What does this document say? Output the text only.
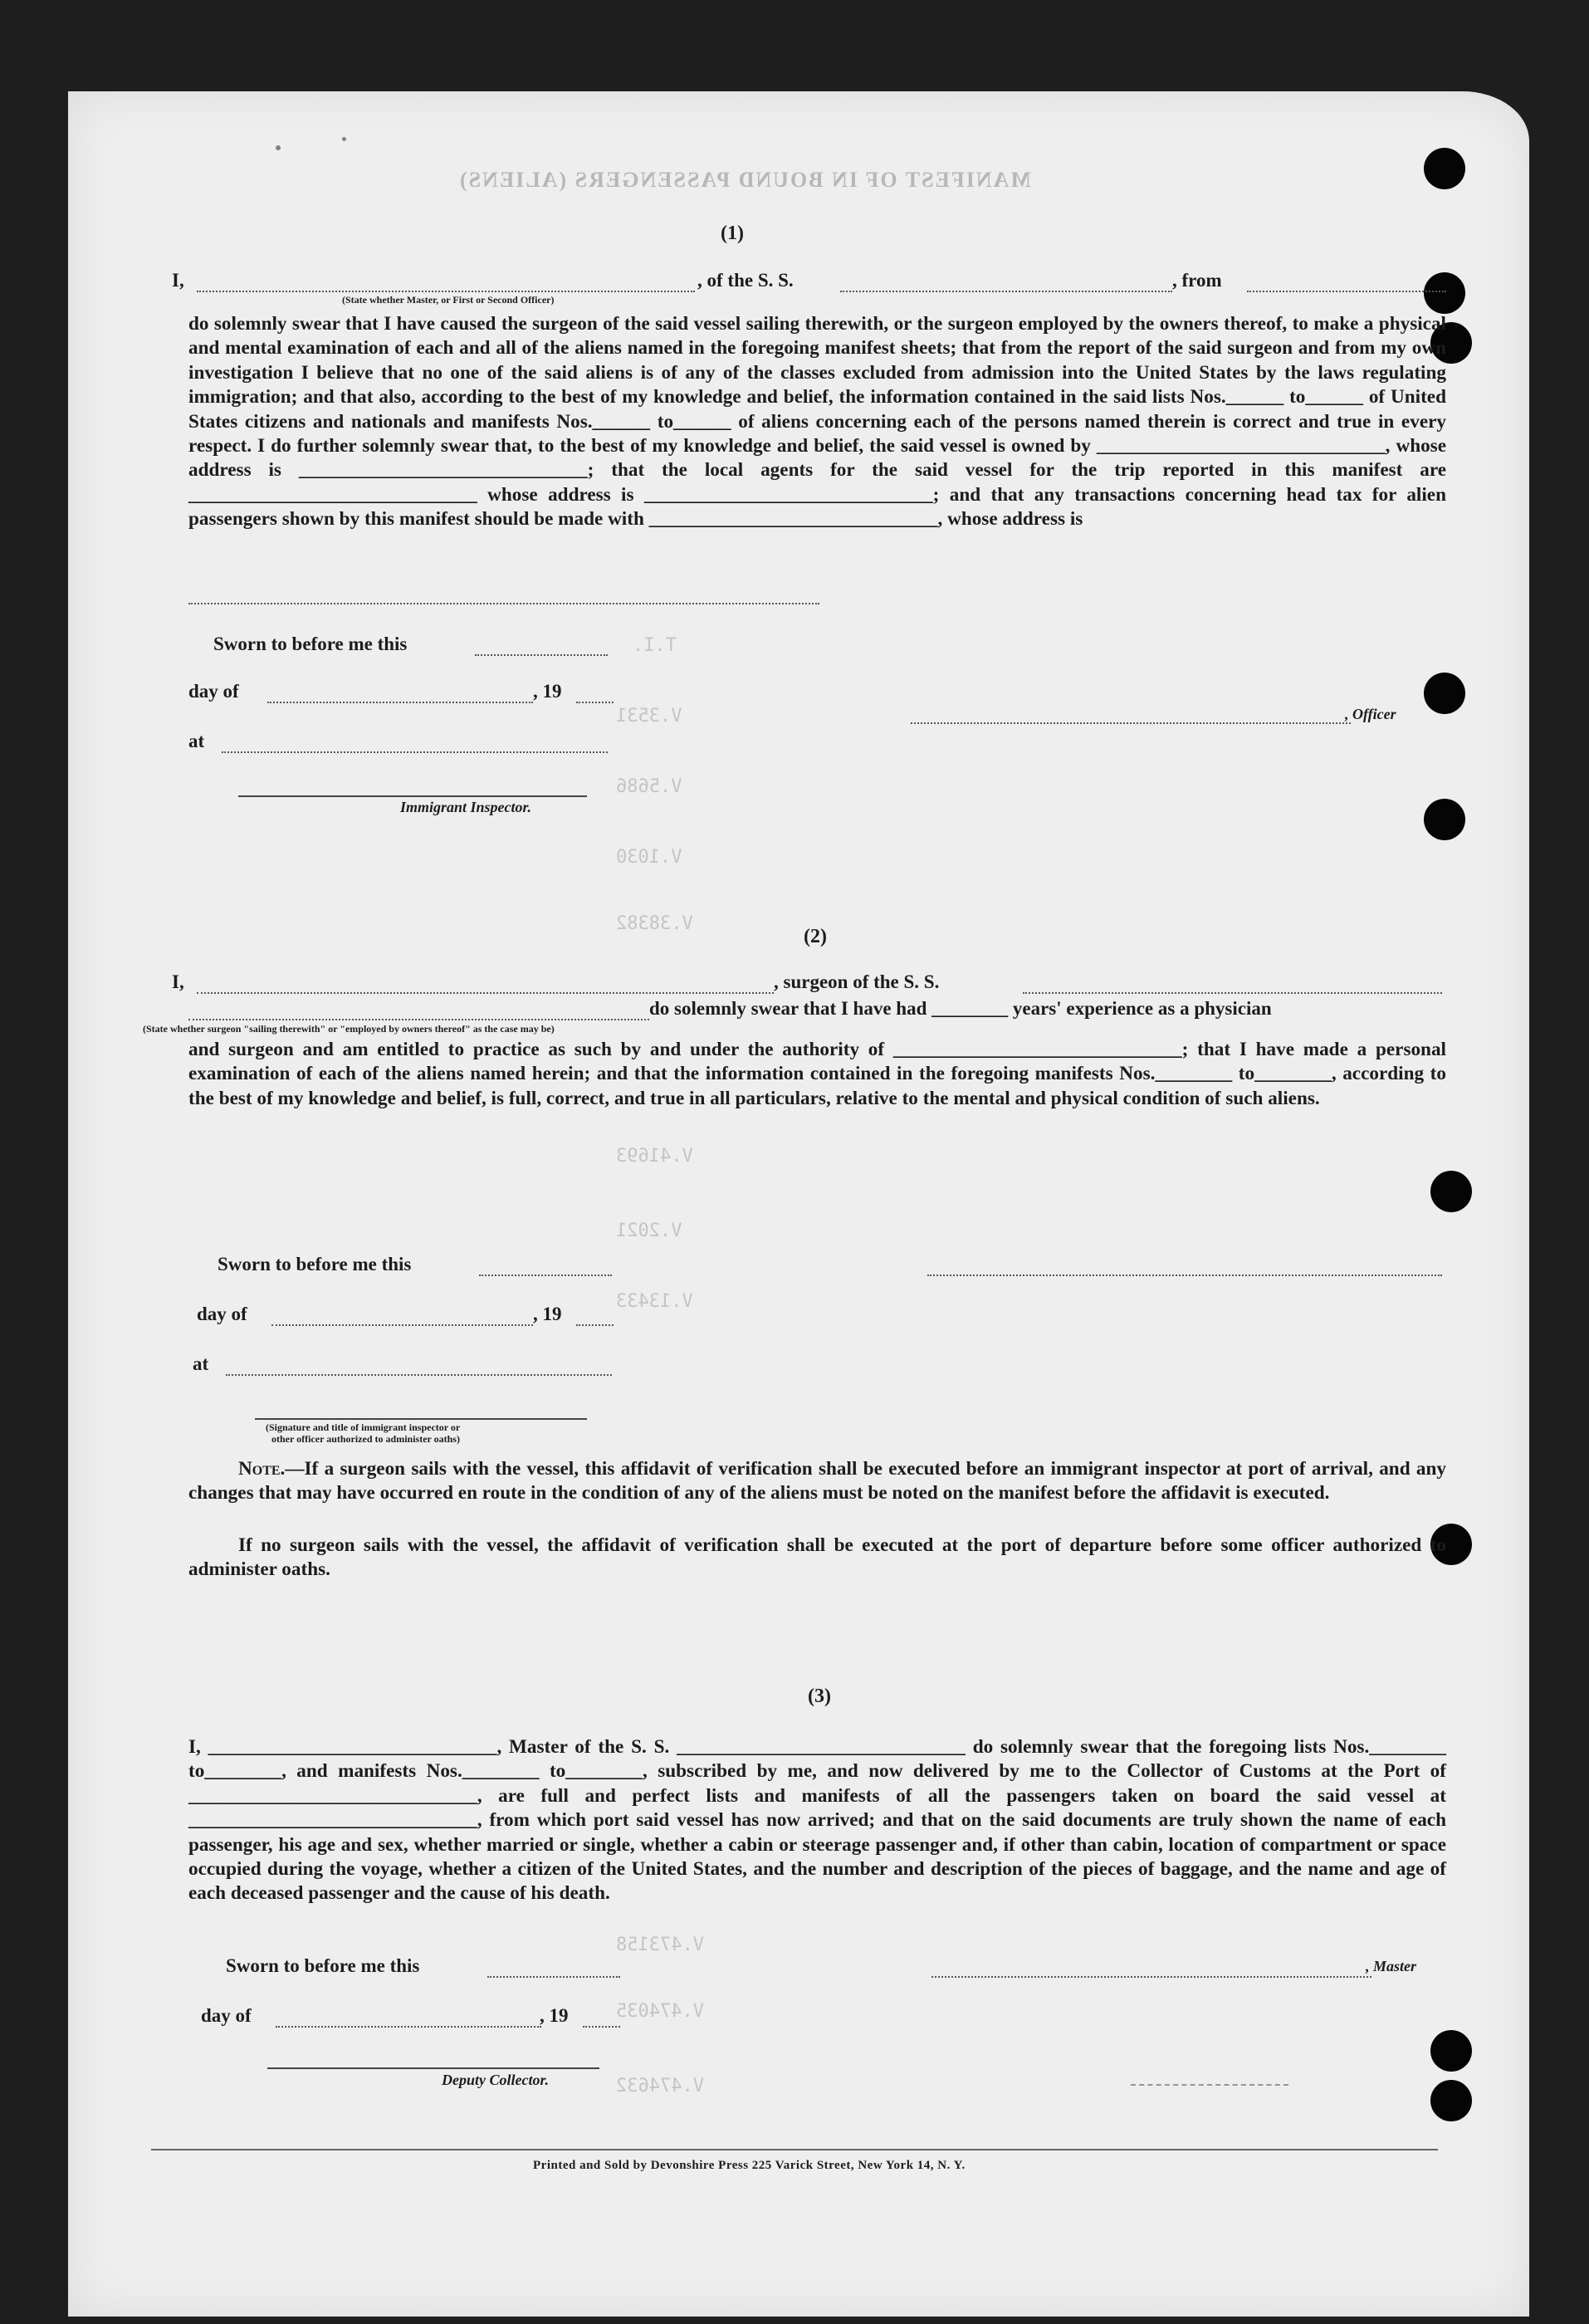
MANIFEST OF IN BOUND PASSENGERS (ALIENS)
T.I.
V.3531
V.5686
V.1030
V.38382
V.41693
V.2021
V.13433
V.473158
V.474035
V.474632
(1)
I,	, of the S. S.	, from
(State whether Master, or First or Second Officer)
do solemnly swear that I have caused the surgeon of the said vessel sailing therewith, or the surgeon employed by the owners thereof, to make a physical and mental examination of each and all of the aliens named in the foregoing manifest sheets; that from the report of the said surgeon and from my own investigation I believe that no one of the said aliens is of any of the classes excluded from admission into the United States by the laws regulating immigration; and that also, according to the best of my knowledge and belief, the information contained in the said lists Nos.______ to______ of United States citizens and nationals and manifests Nos.______ to______ of aliens concerning each of the persons named therein is correct and true in every respect. I do further solemnly swear that, to the best of my knowledge and belief, the said vessel is owned by ______________________________, whose address is ______________________________; that the local agents for the said vessel for the trip reported in this manifest are ______________________________ whose address is ______________________________; and that any transactions concerning head tax for alien passengers shown by this manifest should be made with ______________________________, whose address is
Sworn to before me this
day of	, 19
at
, Officer
Immigrant Inspector.
(2)
I,	, surgeon of the S. S.
do solemnly swear that I have had ________ years' experience as a physician
(State whether surgeon "sailing therewith" or "employed by owners thereof" as the case may be)
and surgeon and am entitled to practice as such by and under the authority of ______________________________; that I have made a personal examination of each of the aliens named herein; and that the information contained in the foregoing manifests Nos.________ to________, according to the best of my knowledge and belief, is full, correct, and true in all particulars, relative to the mental and physical condition of such aliens.
Sworn to before me this
day of	, 19
at
(Signature and title of immigrant inspector or
other officer authorized to administer oaths)
Note.—If a surgeon sails with the vessel, this affidavit of verification shall be executed before an immigrant inspector at port of arrival, and any changes that may have occurred en route in the condition of any of the aliens must be noted on the manifest before the affidavit is executed.
If no surgeon sails with the vessel, the affidavit of verification shall be executed at the port of departure before some officer authorized to administer oaths.
(3)
I, ______________________________, Master of the S. S. ______________________________ do solemnly swear that the foregoing lists Nos.________ to________, and manifests Nos.________ to________, subscribed by me, and now delivered by me to the Collector of Customs at the Port of ______________________________, are full and perfect lists and manifests of all the passengers taken on board the said vessel at ______________________________, from which port said vessel has now arrived; and that on the said documents are truly shown the name of each passenger, his age and sex, whether married or single, whether a cabin or steerage passenger and, if other than cabin, location of compartment or space occupied during the voyage, whether a citizen of the United States, and the number and description of the pieces of baggage, and the name and age of each deceased passenger and the cause of his death.
Sworn to before me this	, Master
day of	, 19
Deputy Collector.
Printed and Sold by Devonshire Press 225 Varick Street, New York 14, N. Y.
